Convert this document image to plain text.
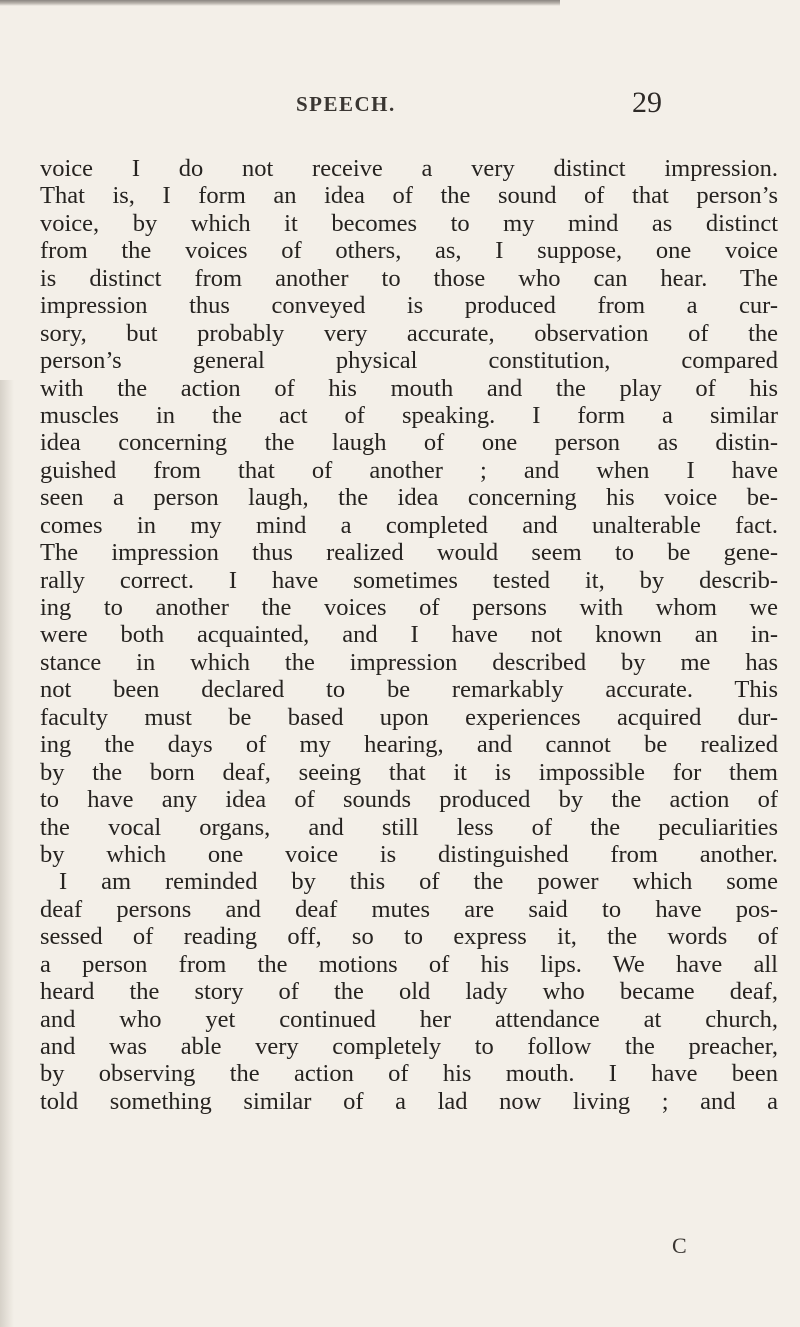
SPEECH.	29
voice I do not receive a very distinct impression.
That is, I form an idea of the sound of that person’s
voice, by which it becomes to my mind as distinct
from the voices of others, as, I suppose, one voice
is distinct from another to those who can hear. The
impression thus conveyed is produced from a cur-
sory, but probably very accurate, observation of the
person’s general physical constitution, compared
with the action of his mouth and the play of his
muscles in the act of speaking. I form a similar
idea concerning the laugh of one person as distin-
guished from that of another ; and when I have
seen a person laugh, the idea concerning his voice be-
comes in my mind a completed and unalterable fact.
The impression thus realized would seem to be gene-
rally correct. I have sometimes tested it, by describ-
ing to another the voices of persons with whom we
were both acquainted, and I have not known an in-
stance in which the impression described by me has
not been declared to be remarkably accurate. This
faculty must be based upon experiences acquired dur-
ing the days of my hearing, and cannot be realized
by the born deaf, seeing that it is impossible for them
to have any idea of sounds produced by the action of
the vocal organs, and still less of the peculiarities
by which one voice is distinguished from another.
I am reminded by this of the power which some
deaf persons and deaf mutes are said to have pos-
sessed of reading off, so to express it, the words of
a person from the motions of his lips. We have all
heard the story of the old lady who became deaf,
and who yet continued her attendance at church,
and was able very completely to follow the preacher,
by observing the action of his mouth. I have been
told something similar of a lad now living ; and a
C
